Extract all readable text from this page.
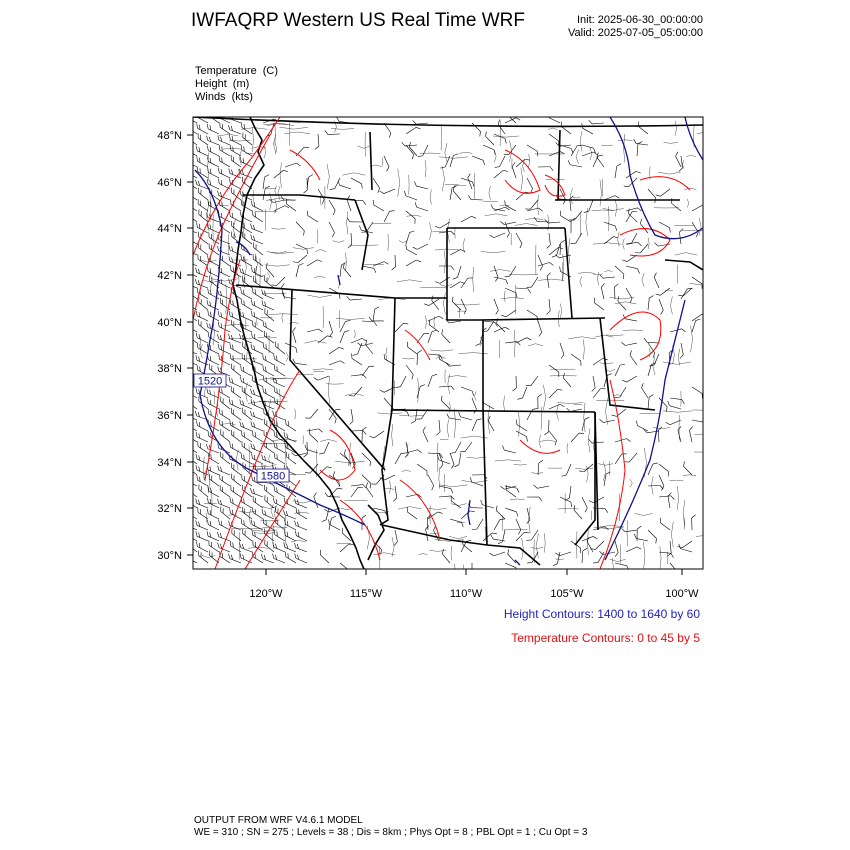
IWFAQRP Western US Real Time WRF	Init: 2025-06-30_00:00:00
Valid: 2025-07-05_05:00:00
Temperature (C)
Height (m)
Winds (kts)
48°N
46°N
44°N
42°N
40°N
38°N
36°N
34°N
32°N
30°N
120°W	115°W	110°W	105°W	100°W
1520
1580
Height Contours: 1400 to 1640 by 60
Temperature Contours: 0 to 45 by 5
OUTPUT FROM WRF V4.6.1 MODEL
WE = 310 ; SN = 275 ; Levels = 38 ; Dis = 8km ; Phys Opt = 8 ; PBL Opt = 1 ; Cu Opt = 3
